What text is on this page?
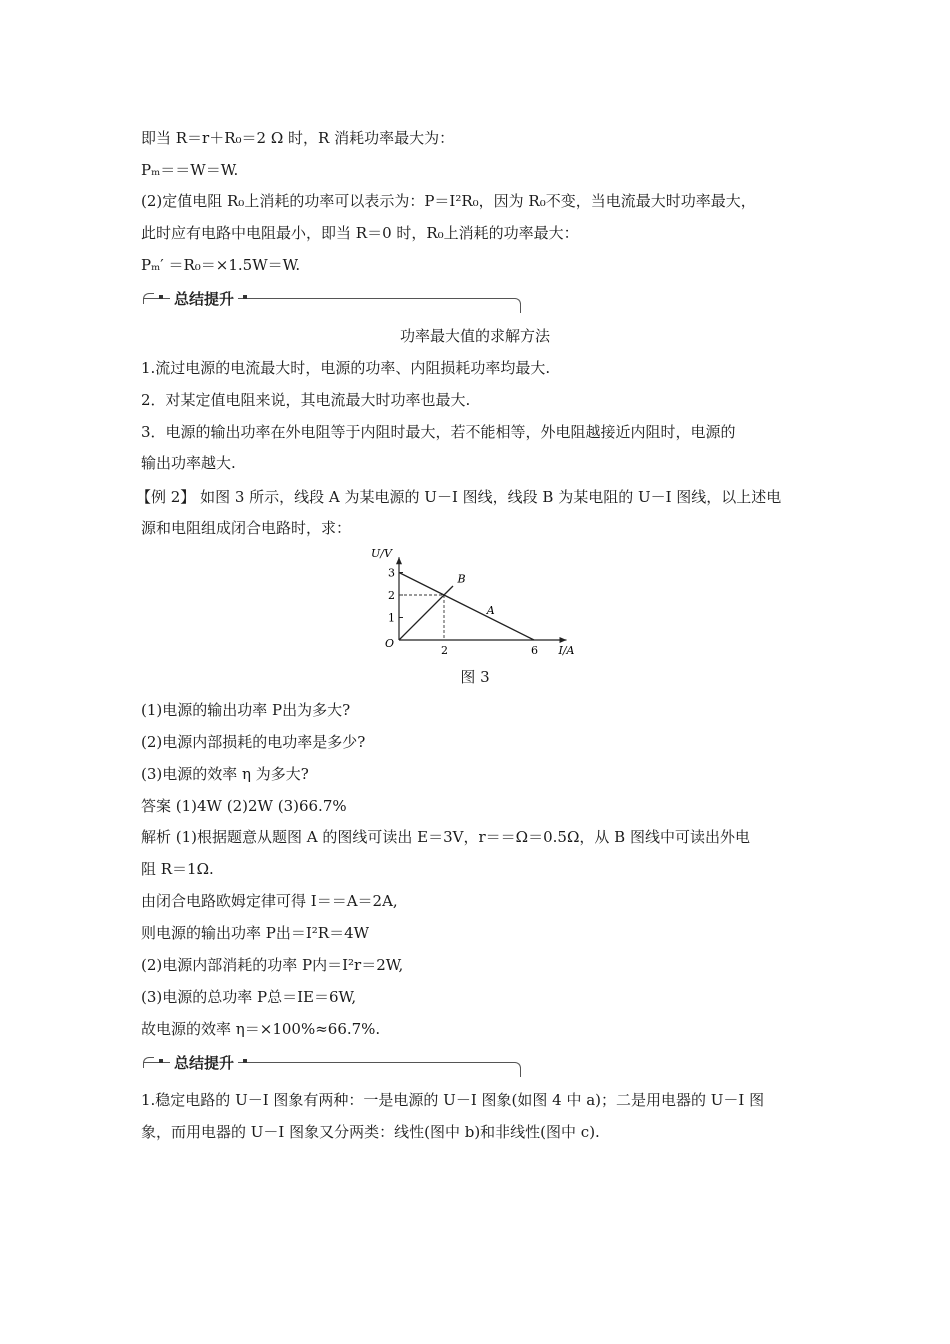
即当 R＝r＋R₀＝2 Ω 时，R 消耗功率最大为：
Pₘ＝＝W＝W.
(2)定值电阻 R₀上消耗的功率可以表示为：P＝I²R₀，因为 R₀不变，当电流最大时功率最大，
此时应有电路中电阻最小，即当 R＝0 时，R₀上消耗的功率最大：
Pₘ′ ＝R₀＝×1.5W＝W.
总结提升
功率最大值的求解方法
1.流过电源的电流最大时，电源的功率、内阻损耗功率均最大.
2．对某定值电阻来说，其电流最大时功率也最大.
3．电源的输出功率在外电阻等于内阻时最大，若不能相等，外电阻越接近内阻时，电源的
输出功率越大.
【例 2】 如图 3 所示，线段 A 为某电源的 U－I 图线，线段 B 为某电阻的 U－I 图线，以上述电
源和电阻组成闭合电路时，求：
U/V
I/A
O
1
2
3
2	6
A
B
图 3
(1)电源的输出功率 P出为多大?
(2)电源内部损耗的电功率是多少?
(3)电源的效率 η 为多大?
答案 (1)4W (2)2W (3)66.7%
解析 (1)根据题意从题图 A 的图线可读出 E＝3V，r＝＝Ω＝0.5Ω，从 B 图线中可读出外电
阻 R＝1Ω.
由闭合电路欧姆定律可得 I＝＝A＝2A,
则电源的输出功率 P出＝I²R＝4W
(2)电源内部消耗的功率 P内＝I²r＝2W,
(3)电源的总功率 P总＝IE＝6W,
故电源的效率 η＝×100%≈66.7%.
总结提升
1.稳定电路的 U－I 图象有两种：一是电源的 U－I 图象(如图 4 中 a)；二是用电器的 U－I 图
象，而用电器的 U－I 图象又分两类：线性(图中 b)和非线性(图中 c).
